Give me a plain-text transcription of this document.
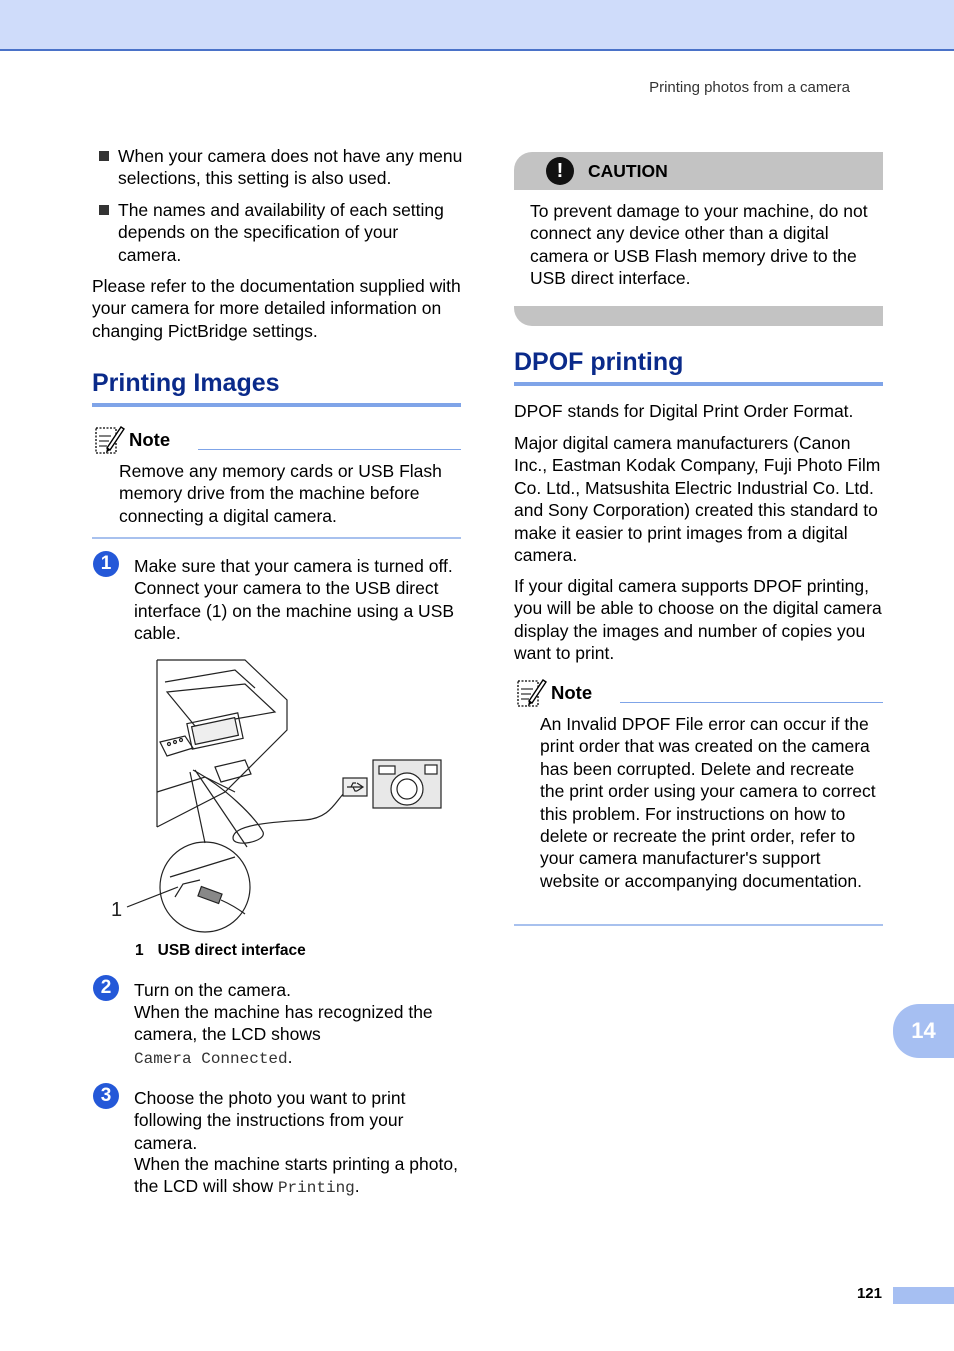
Printing photos from a camera

When your camera does not have any menu selections, this setting is also used.

The names and availability of each setting depends on the specification of your camera.

Please refer to the documentation supplied with your camera for more detailed information on changing PictBridge settings.

Printing Images
Note

Remove any memory cards or USB Flash memory drive from the machine before connecting a digital camera.

1	Make sure that your camera is turned off. Connect your camera to the USB direct interface (1) on the machine using a USB cable.

1
1 USB direct interface
2	Turn on the camera.

When the machine has recognized the camera, the LCD shows

Camera Connected.

3	Choose the photo you want to print following the instructions from your camera.

When the machine starts printing a photo, the LCD will show Printing.

!	CAUTION

To prevent damage to your machine, do not connect any device other than a digital camera or USB Flash memory drive to the USB direct interface.

DPOF printing

DPOF stands for Digital Print Order Format.

Major digital camera manufacturers (Canon Inc., Eastman Kodak Company, Fuji Photo Film Co. Ltd., Matsushita Electric Industrial Co. Ltd. and Sony Corporation) created this standard to make it easier to print images from a digital camera.

If your digital camera supports DPOF printing, you will be able to choose on the digital camera display the images and number of copies you want to print.

Note

An Invalid DPOF File error can occur if the print order that was created on the camera has been corrupted. Delete and recreate the print order using your camera to correct this problem. For instructions on how to delete or recreate the print order, refer to your camera manufacturer's support website or accompanying documentation.

14
121
